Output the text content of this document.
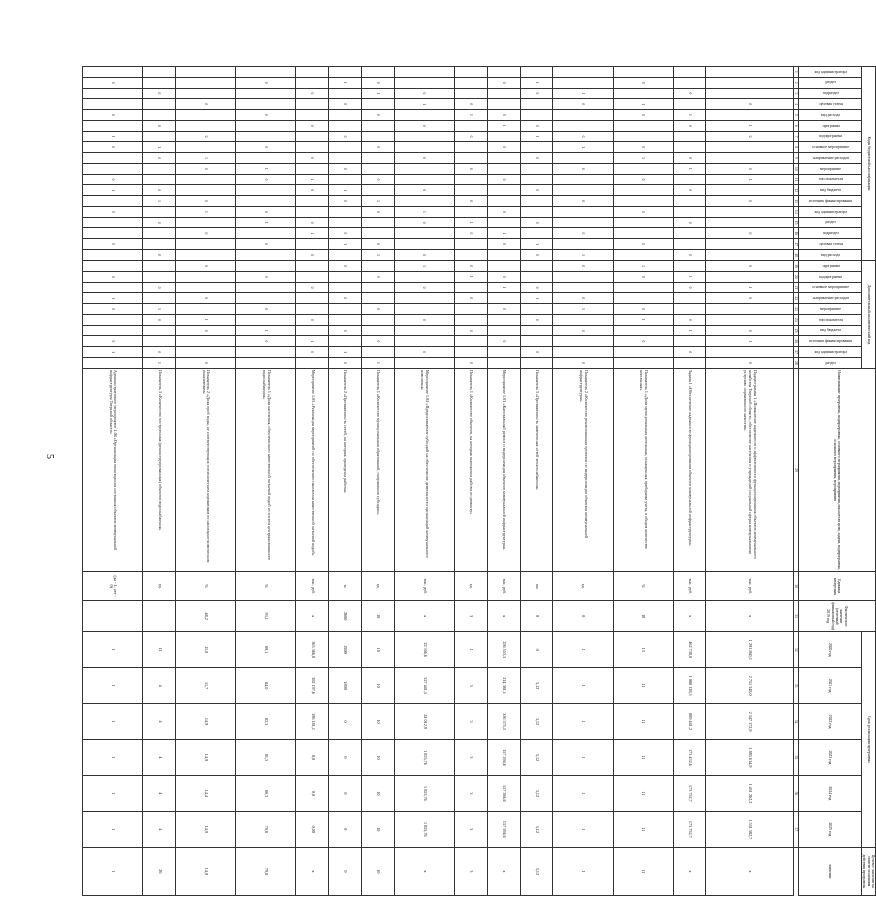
5
Коды бюджетной классификации																		Дополнительный аналитический код										Наименование программы, подпрограммы, основного мероприятия, мероприятия, показателя цели, задачи, подпрограммы, основного мероприятия, мероприятия	Единица измерения	Фактическое значение (отчетный финансовый год) 2019 год	Срок реализации программы						Целевое значение на момент окончания действия программы
код администратора	раздел	подраздел	целевая статья	вид расхода	программа	подпрограмма	основное мероприятие	направление расходов	мероприятие	тип показателя	вид бюджета	источник финансирования	код администратора	раздел	подраздел	целевая статья	вид расхода	программа	подпрограмма	основное мероприятие	направление расходов	мероприятие	тип показателя	вид бюджета	источник финансирования	код администратора	раздел				2020 год	2021 год	2022 год	2023 год	2024 год	2025 год	значение
1	2	3	4	5	6	7	8	9	10	11	12	13	14	15	16	17	18	19	20	21	22	23	24	25	26	27	28	29	30	31	32	33	34	35	36	37	
			0		1	0			0	1		0			0			0		1	0			0	1		0	Подпрограмма 1 «Повышение надежности и эффективности функционирования объектов коммунального хозяйства Тверской области, обеспечение населения и учреждений социальной сферы коммунальными услугами нормативного качества»	тыс. руб.	х	1 201 560,5	2 751 348,0	2 347 172,9	1 885 614,9	1 451 262,2	1 551 582,7	х
		0		1	0			0	1		0			0			0		1	0			0	1		0		Задача 1 «Обеспечение надежности функционирования объектов коммунальной инфраструктуры»	тыс. руб.	х	462 738,8	1 088 128,5	889 441,2	173 452,6	173 752,7	173 752,7	х
	0		1	0			0	1		0			0			0		1	0			0	1		0			Показатель 1 «Доля муниципальных котельных, оснащенных приборами учета, в общем количестве котельных»	%	18	13	11	11	11	11	11	11
		1	0			0	1		0			0			0		1	0			0	1		0			0	Показатель 2 «Количество реализованных проектов по модернизации объектов коммунальной инфраструктуры»	ед.	0	1	1	1	1	1	1	1
	1	0			0	1		0			0			0		1	0			0	1		0			0		Показатель 3 «Протяженность замененных сетей теплоснабжения»	км	0	0	3,12	3,12	3,12	3,12	3,12	3,12
	0			0	1		0			0			0		1	0			0	1		0			0			Мероприятие 1.01 «Капитальный ремонт и модернизация объектов коммунальной инфраструктуры»	тыс. руб.	х	256 553,3	214 381,1	356 575,5	157 594,6	157 594,6	157 594,6	х
			0	1		0			0			0		1	0			0	1		0			0			0	Показатель 1 «Количество объектов, на которых выполнены работы по ремонту»	ед.	3	1	3	3	3	3	3	3
		0	1		0			0			0		1	0			0	1		0			0			0		Мероприятие 1.02 «Предоставление субсидий на обеспечение деятельности организаций коммунального комплекса»	тыс. руб.	х	22 356,6	327 441,5	24 012,9	1 853,76	1 853,76	1 853,76	х
	0	1		0			0			0		1	0			0	1		0			0			0		1	Показатель 1 «Количество муниципальных образований, получивших субсидии»	ед.	10	10	10	10	10	10	10	10
	1		0			0			0		1	0			0	1		0			0			0		1	0	Показатель 2 «Протяженность сетей, на которых проведены работы»	м	2600	2600	1800	0	0	0	0	0
		0			0			0		1	0			0	1		0			0			0		1	0		Мероприятие 1.03 «Реализация мероприятий по обеспечению населения качественной питьевой водой»	тыс. руб.	х	363 366,8	382 197,6	196 181,1	0,0	0,0	0,00	х
	0			0			0		1	0			0	1		0			0			0		1	0			Показатель 1 «Доля населения, обеспеченного качественной питьевой водой из систем централизованного водоснабжения»	%	93,1	89,1	84,0	82,3	81,3	80,3	79,8	79,8
			0			0		1	0			0	1		0			0			0		1	0			0	Показатель 2 «Доля проб воды, не соответствующих гигиеническим нормативам по санитарно-химическим показателям»	%	48,2	11,0	11,7	14,9	14,9	14,4	14,9	14,9
		0			0		1	0			0	1		0			0			0		1	0			0	1	Показатель 3 «Количество построенных (реконструированных) объектов водоснабжения»	ед.		11	4	4	4	4	4	26
	0			0		1	0			0	1		0			0			0		1	0			0	1		Административное мероприятие 1.04 «Организация мониторинга состояния объектов коммунальной инфраструктуры Тверской области»	(да - 1, нет - 0)		1	1	1	1	1	1	1
